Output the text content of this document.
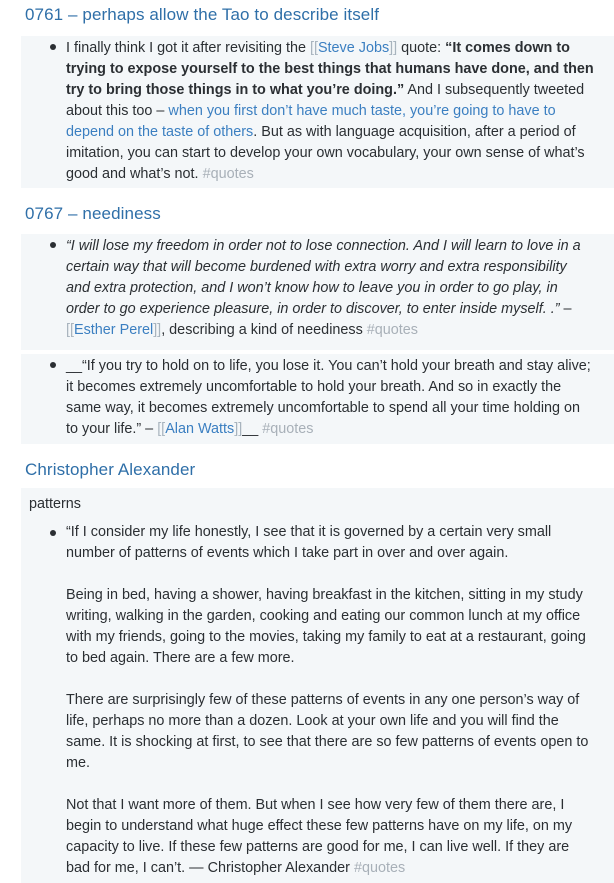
0761 – perhaps allow the Tao to describe itself
I finally think I got it after revisiting the [[Steve Jobs]] quote: “It comes down to trying to expose yourself to the best things that humans have done, and then try to bring those things in to what you’re doing.” And I subsequently tweeted about this too – when you first don’t have much taste, you’re going to have to depend on the taste of others. But as with language acquisition, after a period of imitation, you can start to develop your own vocabulary, your own sense of what’s good and what’s not. #quotes
0767 – neediness
“I will lose my freedom in order not to lose connection. And I will learn to love in a certain way that will become burdened with extra worry and extra responsibility and extra protection, and I won’t know how to leave you in order to go play, in order to go experience pleasure, in order to discover, to enter inside myself. .” – [[Esther Perel]], describing a kind of neediness #quotes
__“If you try to hold on to life, you lose it. You can’t hold your breath and stay alive; it becomes extremely uncomfortable to hold your breath. And so in exactly the same way, it becomes extremely uncomfortable to spend all your time holding on to your life.” – [[Alan Watts]]__ #quotes
Christopher Alexander
patterns

“If I consider my life honestly, I see that it is governed by a certain very small number of patterns of events which I take part in over and over again.

Being in bed, having a shower, having breakfast in the kitchen, sitting in my study writing, walking in the garden, cooking and eating our common lunch at my office with my friends, going to the movies, taking my family to eat at a restaurant, going to bed again. There are a few more.

There are surprisingly few of these patterns of events in any one person’s way of life, perhaps no more than a dozen. Look at your own life and you will find the same. It is shocking at first, to see that there are so few patterns of events open to me.

Not that I want more of them. But when I see how very few of them there are, I begin to understand what huge effect these few patterns have on my life, on my capacity to live. If these few patterns are good for me, I can live well. If they are bad for me, I can’t. — Christopher Alexander #quotes
